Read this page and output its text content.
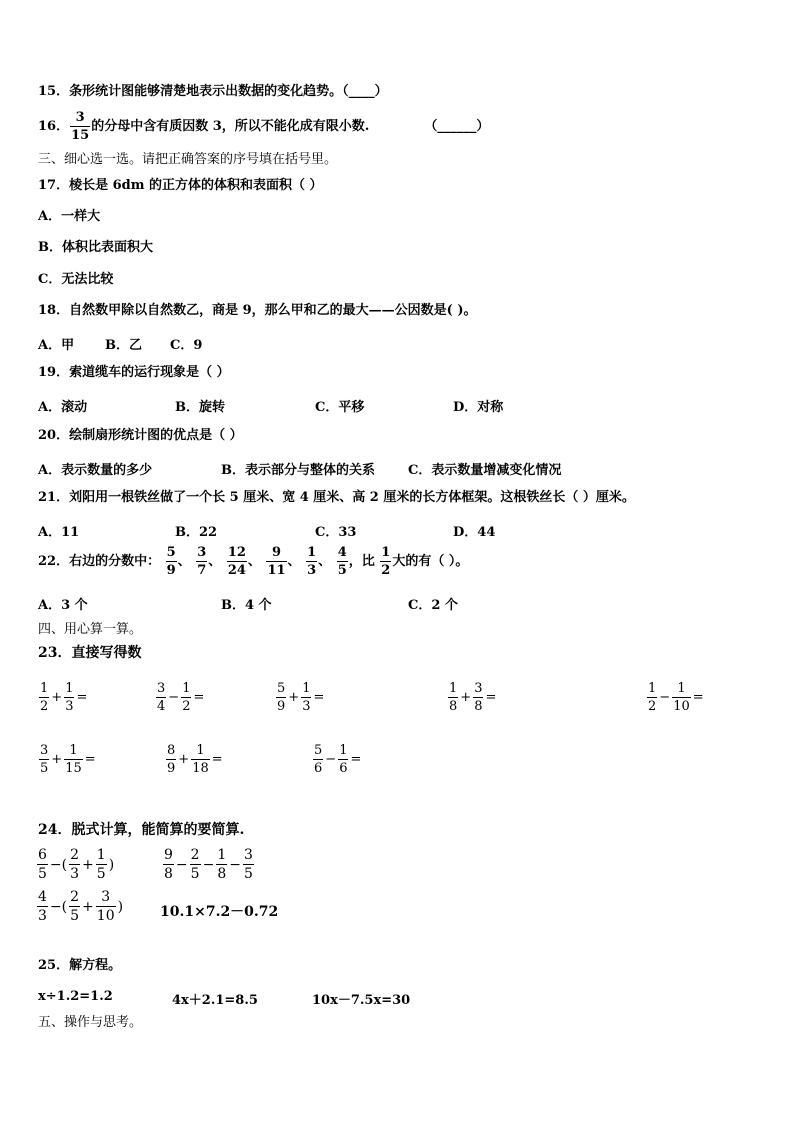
15．条形统计图能够清楚地表示出数据的变化趋势。（____）
16． $\frac{3}{15}$ 的分母中含有质因数 3，所以不能化成有限小数.	（______）
三、细心选一选。请把正确答案的序号填在括号里。
17．棱长是 6dm 的正方体的体积和表面积（ ）
A．一样大
B．体积比表面积大
C．无法比较
18．自然数甲除以自然数乙，商是 9，那么甲和乙的最大——公因数是( )。
A．甲 B．乙 C．9
19．索道缆车的运行现象是（ ）
A．滚动	B．旋转	C．平移	D．对称
20．绘制扇形统计图的优点是（ ）
A．表示数量的多少	B．表示部分与整体的关系	C．表示数量增减变化情况
21．刘阳用一根铁丝做了一个长 5 厘米、宽 4 厘米、高 2 厘米的长方体框架。这根铁丝长（ ）厘米。
A．11	B．22	C．33	D．44
22．右边的分数中： $\frac{5}{9}$ 、 $\frac{3}{7}$ 、 $\frac{12}{24}$ 、 $\frac{9}{11}$ 、 $\frac{1}{3}$ 、 $\frac{4}{5}$ ，比 $\frac{1}{2}$ 大的有（ ）。
A．3 个	B．4 个	C．2 个
四、用心算一算。
23．直接写得数
$\frac{1}{2} + \frac{1}{3}$ =	$\frac{3}{4} - \frac{1}{2}$ =	$\frac{5}{9} + \frac{1}{3}$ =	$\frac{1}{8} + \frac{3}{8}$ =	$\frac{1}{2} - \frac{1}{10}$ =
$\frac{3}{5} + \frac{1}{15}$ =	$\frac{8}{9} + \frac{1}{18}$ =	$\frac{5}{6} - \frac{1}{6}$ =
24．脱式计算，能简算的要简算.
$\frac{6}{5}$ −( $\frac{2}{3} + \frac{1}{5}$ )	$\frac{9}{8} - \frac{2}{5} - \frac{1}{8} - \frac{3}{5}$
$\frac{4}{3}$ −( $\frac{2}{5} + \frac{3}{10}$ )	10.1×7.2－0.72
25．解方程。
x÷1.2=1.2	4x＋2.1=8.5	10x－7.5x=30
五、操作与思考。
